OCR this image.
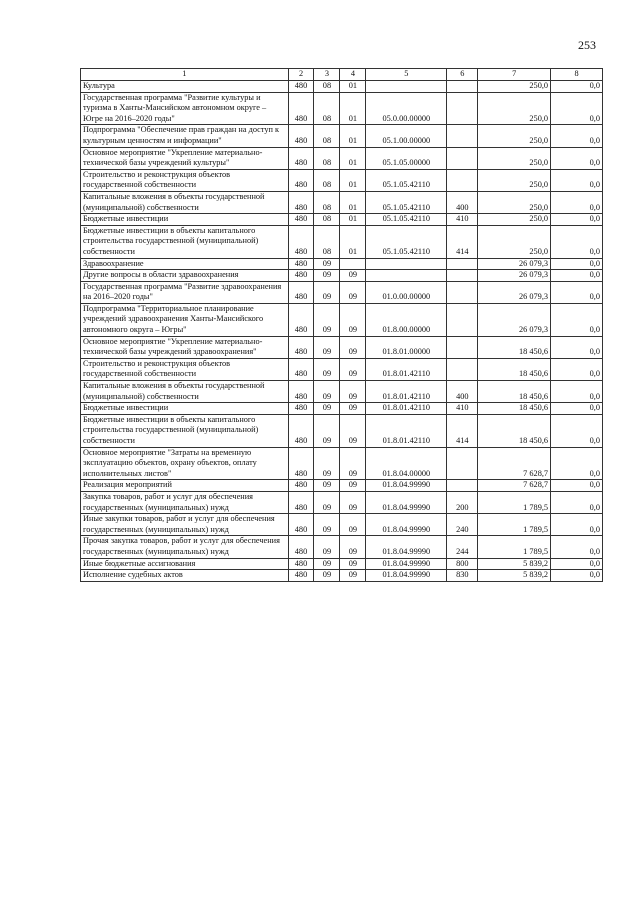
253
1	2	3	4	5	6	7	8
Культура	480	08	01			250,0	0,0
Государственная программа "Развитие культуры и туризма в Ханты-Мансийском автономном округе – Югре на 2016–2020 годы"	480	08	01	05.0.00.00000		250,0	0,0
Подпрограмма "Обеспечение прав граждан на доступ к культурным ценностям и информации"	480	08	01	05.1.00.00000		250,0	0,0
Основное мероприятие "Укрепление материально-технической базы учреждений культуры"	480	08	01	05.1.05.00000		250,0	0,0
Строительство и реконструкция объектов государственной собственности	480	08	01	05.1.05.42110		250,0	0,0
Капитальные вложения в объекты государственной (муниципальной) собственности	480	08	01	05.1.05.42110	400	250,0	0,0
Бюджетные инвестиции	480	08	01	05.1.05.42110	410	250,0	0,0
Бюджетные инвестиции в объекты капитального строительства государственной (муниципальной) собственности	480	08	01	05.1.05.42110	414	250,0	0,0
Здравоохранение	480	09				26 079,3	0,0
Другие вопросы в области здравоохранения	480	09	09			26 079,3	0,0
Государственная программа "Развитие здравоохранения на 2016–2020 годы"	480	09	09	01.0.00.00000		26 079,3	0,0
Подпрограмма "Территориальное планирование учреждений здравоохранения Ханты-Мансийского автономного округа – Югры"	480	09	09	01.8.00.00000		26 079,3	0,0
Основное мероприятие "Укрепление материально-технической базы учреждений здравоохранения"	480	09	09	01.8.01.00000		18 450,6	0,0
Строительство и реконструкция объектов государственной собственности	480	09	09	01.8.01.42110		18 450,6	0,0
Капитальные вложения в объекты государственной (муниципальной) собственности	480	09	09	01.8.01.42110	400	18 450,6	0,0
Бюджетные инвестиции	480	09	09	01.8.01.42110	410	18 450,6	0,0
Бюджетные инвестиции в объекты капитального строительства государственной (муниципальной) собственности	480	09	09	01.8.01.42110	414	18 450,6	0,0
Основное мероприятие "Затраты на временную эксплуатацию объектов, охрану объектов, оплату исполнительных листов"	480	09	09	01.8.04.00000		7 628,7	0,0
Реализация мероприятий	480	09	09	01.8.04.99990		7 628,7	0,0
Закупка товаров, работ и услуг для обеспечения государственных (муниципальных) нужд	480	09	09	01.8.04.99990	200	1 789,5	0,0
Иные закупки товаров, работ и услуг для обеспечения государственных (муниципальных) нужд	480	09	09	01.8.04.99990	240	1 789,5	0,0
Прочая закупка товаров, работ и услуг для обеспечения государственных (муниципальных) нужд	480	09	09	01.8.04.99990	244	1 789,5	0,0
Иные бюджетные ассигнования	480	09	09	01.8.04.99990	800	5 839,2	0,0
Исполнение судебных актов	480	09	09	01.8.04.99990	830	5 839,2	0,0
